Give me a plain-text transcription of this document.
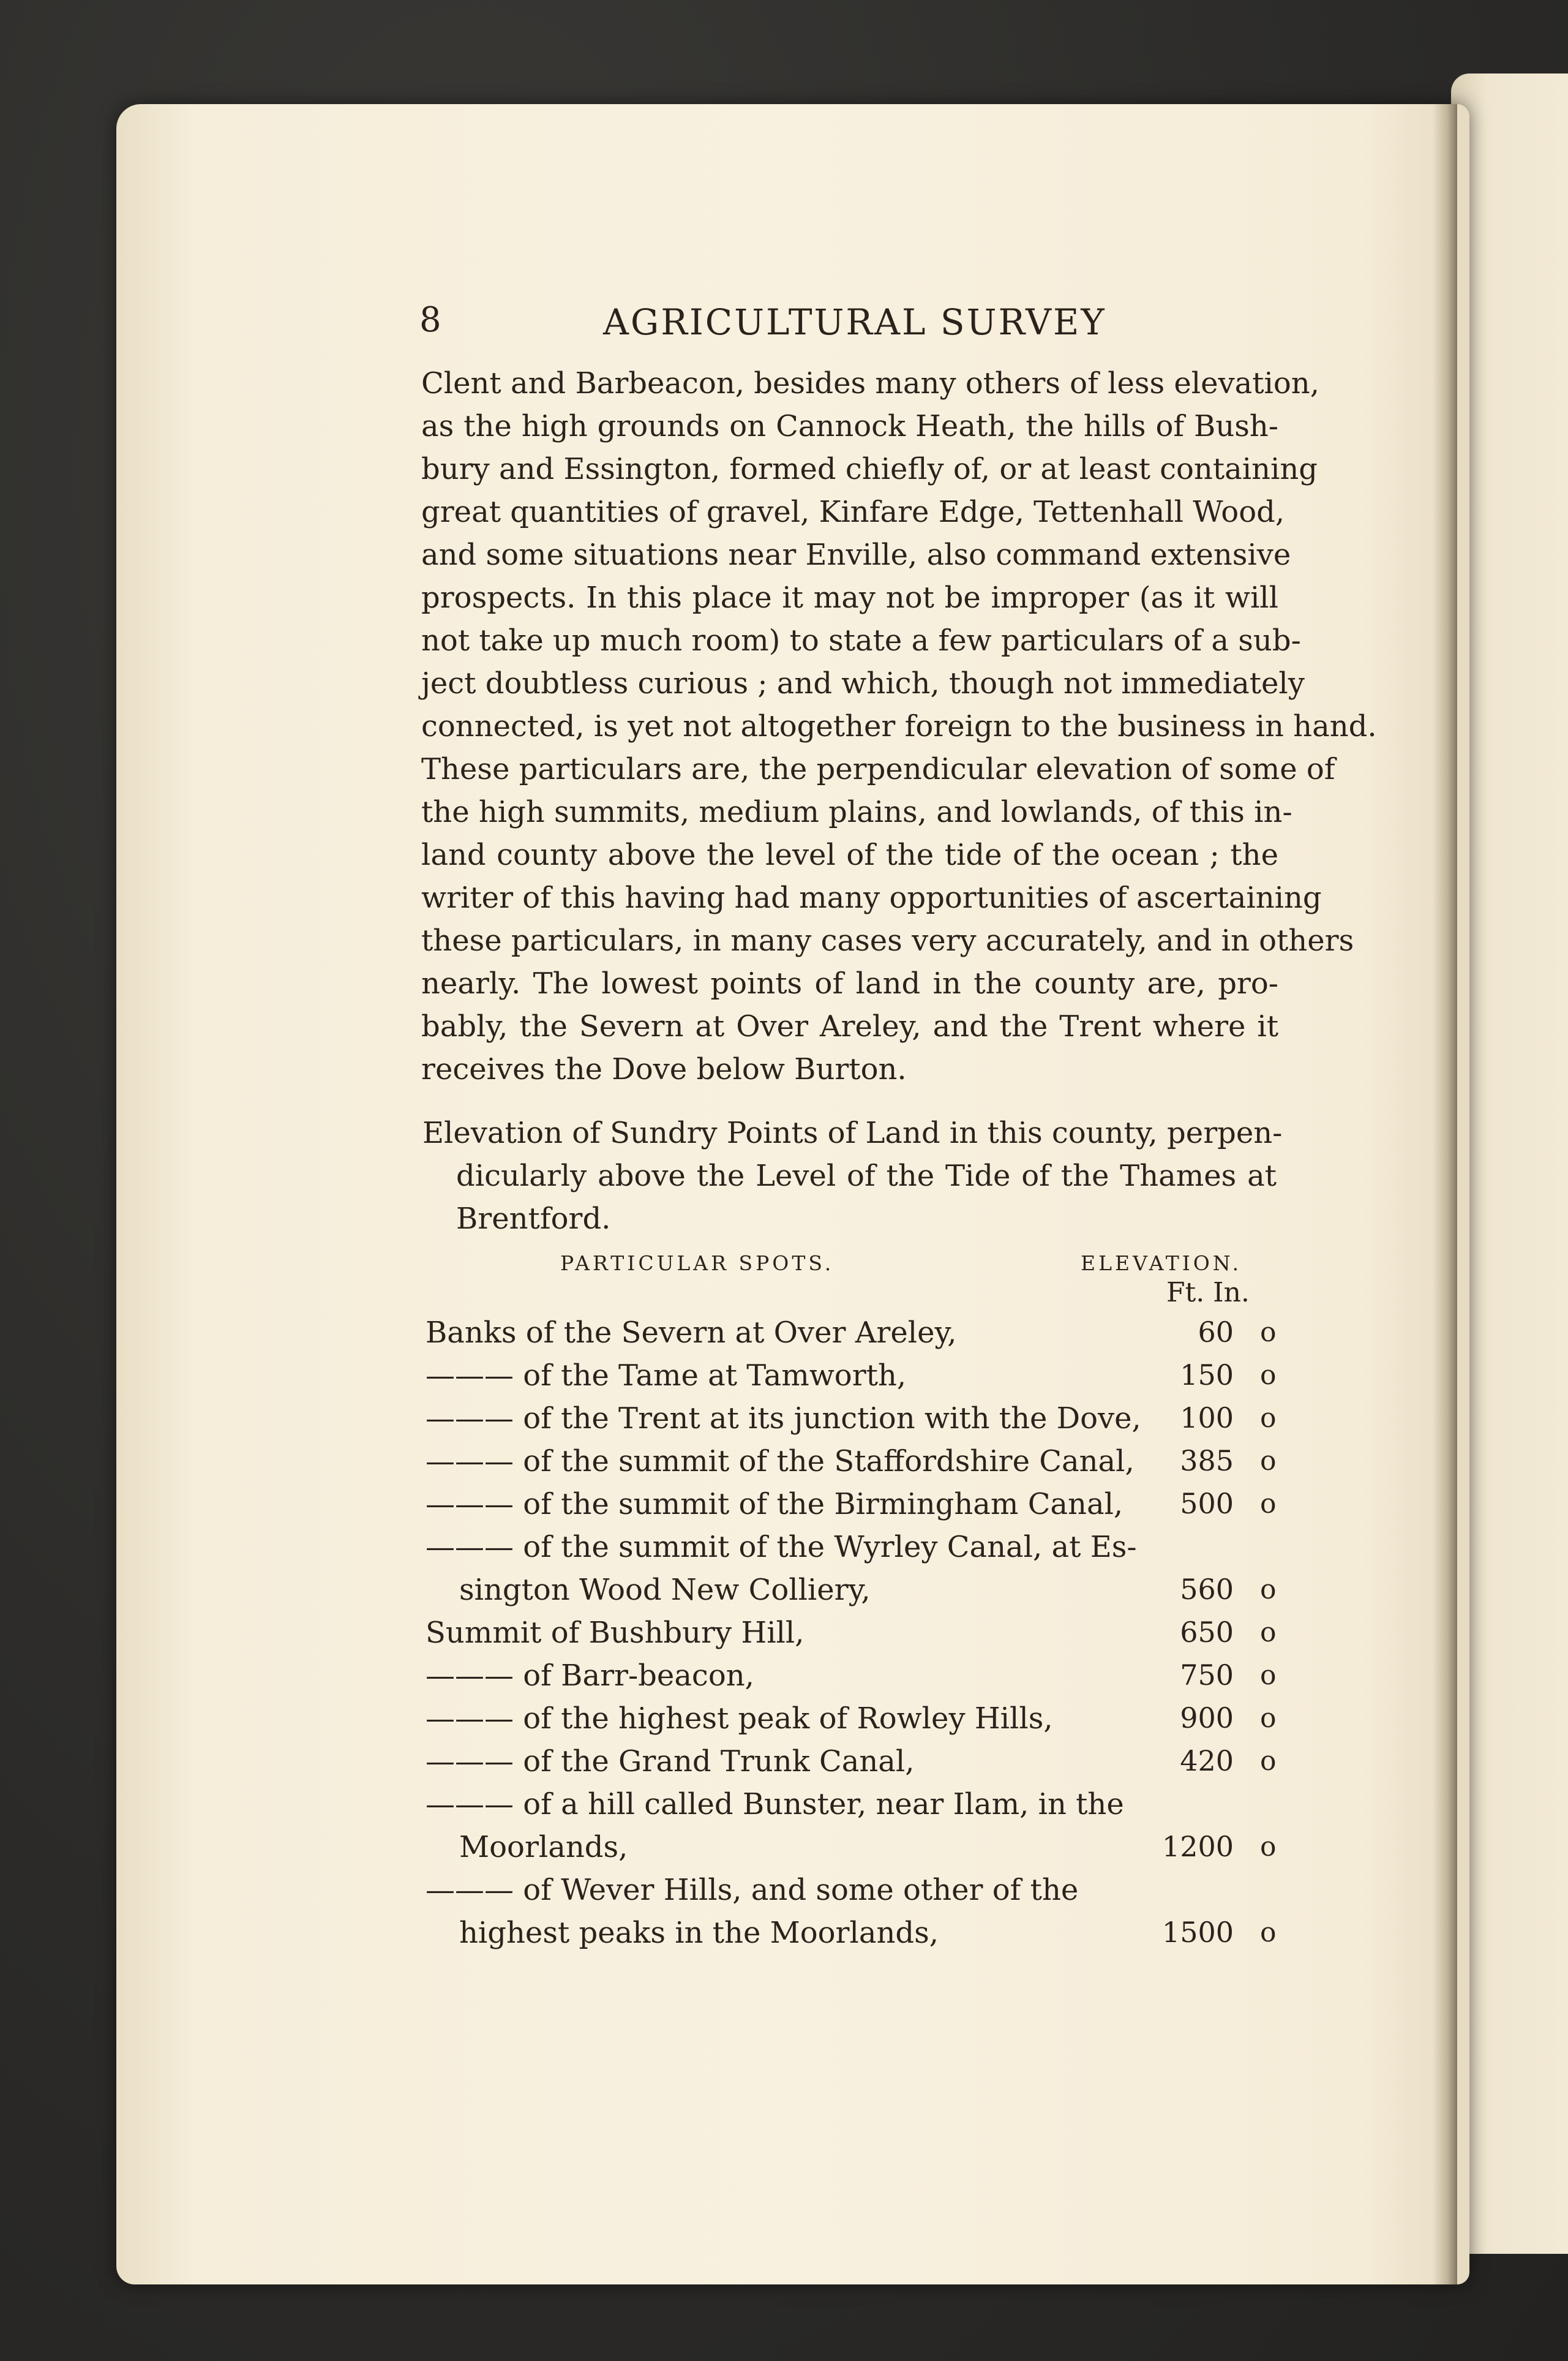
8	AGRICULTURAL SURVEY
Clent and Barbeacon, besides many others of less elevation,
as the high grounds on Cannock Heath, the hills of Bush-
bury and Essington, formed chiefly of, or at least containing
great quantities of gravel, Kinfare Edge, Tettenhall Wood,
and some situations near Enville, also command extensive
prospects. In this place it may not be improper (as it will
not take up much room) to state a few particulars of a sub-
ject doubtless curious ; and which, though not immediately
connected, is yet not altogether foreign to the business in hand.
These particulars are, the perpendicular elevation of some of
the high summits, medium plains, and lowlands, of this in-
land county above the level of the tide of the ocean ; the
writer of this having had many opportunities of ascertaining
these particulars, in many cases very accurately, and in others
nearly. The lowest points of land in the county are, pro-
bably, the Severn at Over Areley, and the Trent where it
receives the Dove below Burton.
Elevation of Sundry Points of Land in this county, perpen-
dicularly above the Level of the Tide of the Thames at
Brentford.
PARTICULAR SPOTS.	ELEVATION.
Ft. In.
Banks of the Severn at Over Areley,	60 o
——— of the Tame at Tamworth,	150 o
——— of the Trent at its junction with the Dove,	100 o
——— of the summit of the Staffordshire Canal,	385 o
——— of the summit of the Birmingham Canal,	500 o
——— of the summit of the Wyrley Canal, at Es-
sington Wood New Colliery,	560 o
Summit of Bushbury Hill,	650 o
——— of Barr-beacon,	750 o
——— of the highest peak of Rowley Hills,	900 o
——— of the Grand Trunk Canal,	420 o
——— of a hill called Bunster, near Ilam, in the
Moorlands,	1200 o
——— of Wever Hills, and some other of the
highest peaks in the Moorlands,	1500 o
